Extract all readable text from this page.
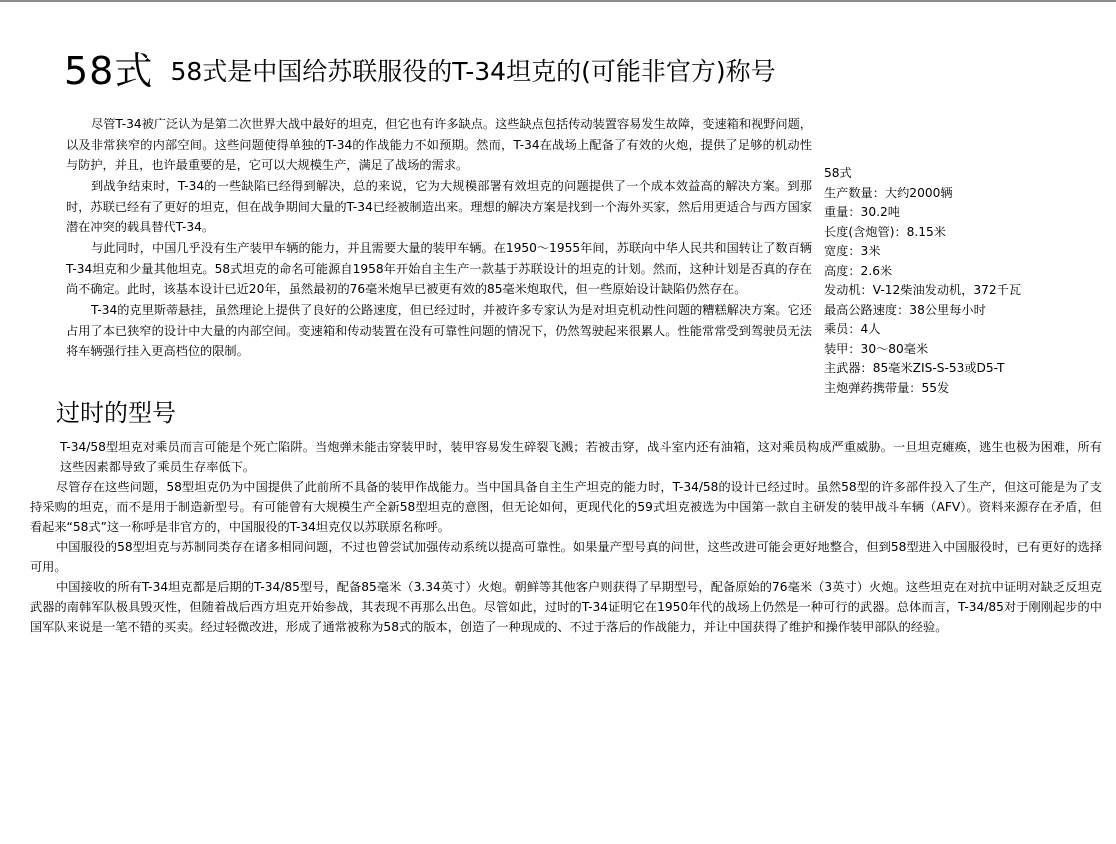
58式 58式是中国给苏联服役的T-34坦克的(可能非官方)称号

尽管T-34被广泛认为是第二次世界大战中最好的坦克，但它也有许多缺点。这些缺点包括传动装置容易发生故障，变速箱和视野问题，以及非常狭窄的内部空间。这些问题使得单独的T-34的作战能力不如预期。然而，T-34在战场上配备了有效的火炮，提供了足够的机动性与防护，并且，也许最重要的是，它可以大规模生产，满足了战场的需求。

到战争结束时，T-34的一些缺陷已经得到解决，总的来说，它为大规模部署有效坦克的问题提供了一个成本效益高的解决方案。到那时，苏联已经有了更好的坦克，但在战争期间大量的T-34已经被制造出来。理想的解决方案是找到一个海外买家，然后用更适合与西方国家潜在冲突的载具替代T-34。

与此同时，中国几乎没有生产装甲车辆的能力，并且需要大量的装甲车辆。在1950～1955年间，苏联向中华人民共和国转让了数百辆T-34坦克和少量其他坦克。58式坦克的命名可能源自1958年开始自主生产一款基于苏联设计的坦克的计划。然而，这种计划是否真的存在尚不确定。此时，该基本设计已近20年，虽然最初的76毫米炮早已被更有效的85毫米炮取代，但一些原始设计缺陷仍然存在。

T-34的克里斯蒂悬挂，虽然理论上提供了良好的公路速度，但已经过时，并被许多专家认为是对坦克机动性问题的糟糕解决方案。它还占用了本已狭窄的设计中大量的内部空间。变速箱和传动装置在没有可靠性问题的情况下，仍然驾驶起来很累人。性能常常受到驾驶员无法将车辆强行挂入更高档位的限制。

58式
生产数量：大约2000辆
重量：30.2吨
长度(含炮管)：8.15米
宽度：3米
高度：2.6米
发动机：V-12柴油发动机，372千瓦
最高公路速度：38公里每小时
乘员：4人
装甲：30～80毫米
主武器：85毫米ZIS-S-53或D5-T
主炮弹药携带量：55发
过时的型号

T-34/58型坦克对乘员而言可能是个死亡陷阱。当炮弹未能击穿装甲时，装甲容易发生碎裂飞溅；若被击穿，战斗室内还有油箱，这对乘员构成严重威胁。一旦坦克瘫痪，逃生也极为困难，所有这些因素都导致了乘员生存率低下。

尽管存在这些问题，58型坦克仍为中国提供了此前所不具备的装甲作战能力。当中国具备自主生产坦克的能力时，T-34/58的设计已经过时。虽然58型的许多部件投入了生产，但这可能是为了支持采购的坦克，而不是用于制造新型号。有可能曾有大规模生产全新58型坦克的意图，但无论如何，更现代化的59式坦克被选为中国第一款自主研发的装甲战斗车辆（AFV）。资料来源存在矛盾，但看起来“58式”这一称呼是非官方的，中国服役的T-34坦克仅以苏联原名称呼。

中国服役的58型坦克与苏制同类存在诸多相同问题，不过也曾尝试加强传动系统以提高可靠性。如果量产型号真的问世，这些改进可能会更好地整合，但到58型进入中国服役时，已有更好的选择可用。

中国接收的所有T-34坦克都是后期的T-34/85型号，配备85毫米（3.34英寸）火炮。朝鲜等其他客户则获得了早期型号，配备原始的76毫米（3英寸）火炮。这些坦克在对抗中证明对缺乏反坦克武器的南韩军队极具毁灭性，但随着战后西方坦克开始参战，其表现不再那么出色。尽管如此，过时的T-34证明它在1950年代的战场上仍然是一种可行的武器。总体而言，T-34/85对于刚刚起步的中国军队来说是一笔不错的买卖。经过轻微改进，形成了通常被称为58式的版本，创造了一种现成的、不过于落后的作战能力，并让中国获得了维护和操作装甲部队的经验。
